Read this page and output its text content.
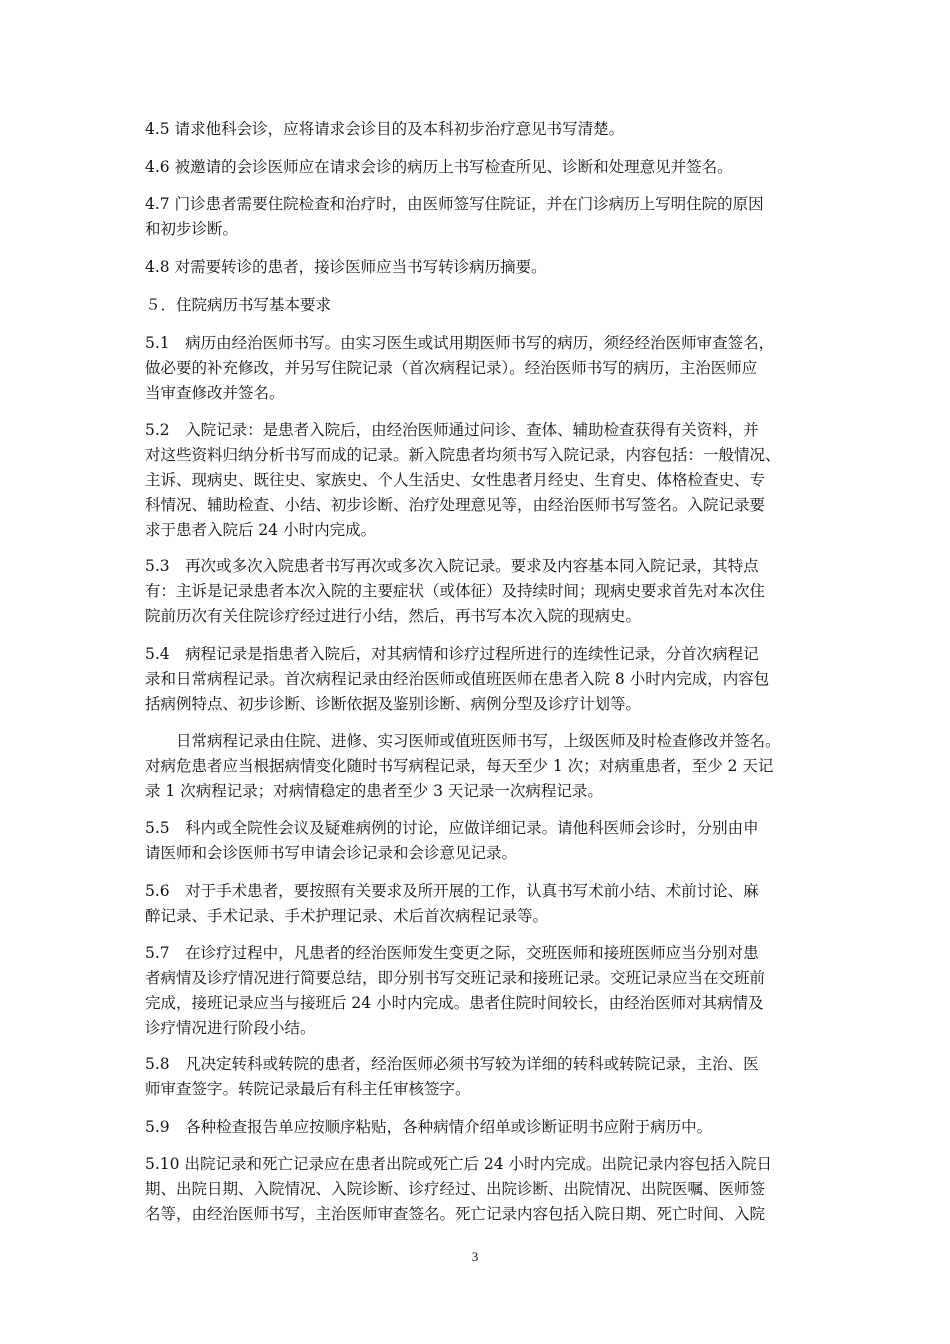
4.5 请求他科会诊，应将请求会诊目的及本科初步治疗意见书写清楚。

4.6 被邀请的会诊医师应在请求会诊的病历上书写检查所见、诊断和处理意见并签名。

4.7 门诊患者需要住院检查和治疗时，由医师签写住院证，并在门诊病历上写明住院的原因
和初步诊断。

4.8 对需要转诊的患者，接诊医师应当书写转诊病历摘要。

５．住院病历书写基本要求

5.1　病历由经治医师书写。由实习医生或试用期医师书写的病历，须经经治医师审查签名，
做必要的补充修改，并另写住院记录（首次病程记录）。经治医师书写的病历，主治医师应
当审查修改并签名。

5.2　入院记录：是患者入院后，由经治医师通过问诊、查体、辅助检查获得有关资料，并
对这些资料归纳分析书写而成的记录。新入院患者均须书写入院记录，内容包括：一般情况、
主诉、现病史、既往史、家族史、个人生活史、女性患者月经史、生育史、体格检查史、专
科情况、辅助检查、小结、初步诊断、治疗处理意见等，由经治医师书写签名。入院记录要
求于患者入院后 24 小时内完成。

5.3　再次或多次入院患者书写再次或多次入院记录。要求及内容基本同入院记录，其特点
有：主诉是记录患者本次入院的主要症状（或体征）及持续时间；现病史要求首先对本次住
院前历次有关住院诊疗经过进行小结，然后，再书写本次入院的现病史。

5.4　病程记录是指患者入院后，对其病情和诊疗过程所进行的连续性记录，分首次病程记
录和日常病程记录。首次病程记录由经治医师或值班医师在患者入院 8 小时内完成，内容包
括病例特点、初步诊断、诊断依据及鉴别诊断、病例分型及诊疗计划等。

日常病程记录由住院、进修、实习医师或值班医师书写，上级医师及时检查修改并签名。
对病危患者应当根据病情变化随时书写病程记录，每天至少 1 次；对病重患者，至少 2 天记
录 1 次病程记录；对病情稳定的患者至少 3 天记录一次病程记录。

5.5　科内或全院性会议及疑难病例的讨论，应做详细记录。请他科医师会诊时，分别由申
请医师和会诊医师书写申请会诊记录和会诊意见记录。

5.6　对于手术患者，要按照有关要求及所开展的工作，认真书写术前小结、术前讨论、麻
醉记录、手术记录、手术护理记录、术后首次病程记录等。

5.7　在诊疗过程中，凡患者的经治医师发生变更之际，交班医师和接班医师应当分别对患
者病情及诊疗情况进行简要总结，即分别书写交班记录和接班记录。交班记录应当在交班前
完成，接班记录应当与接班后 24 小时内完成。患者住院时间较长，由经治医师对其病情及
诊疗情况进行阶段小结。

5.8　凡决定转科或转院的患者，经治医师必须书写较为详细的转科或转院记录，主治、医
师审查签字。转院记录最后有科主任审核签字。

5.9　各种检查报告单应按顺序粘贴，各种病情介绍单或诊断证明书应附于病历中。

5.10 出院记录和死亡记录应在患者出院或死亡后 24 小时内完成。出院记录内容包括入院日
期、出院日期、入院情况、入院诊断、诊疗经过、出院诊断、出院情况、出院医嘱、医师签
名等，由经治医师书写，主治医师审查签名。死亡记录内容包括入院日期、死亡时间、入院

3
